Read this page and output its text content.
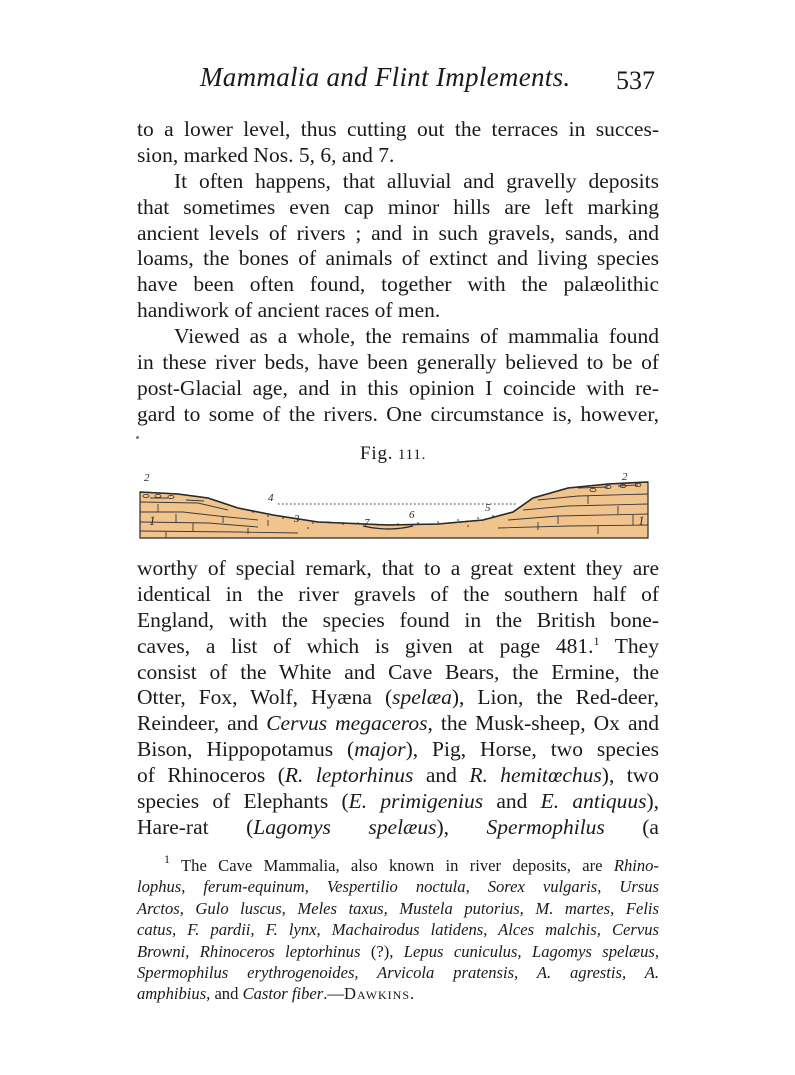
Mammalia and Flint Implements. 537
to a lower level, thus cutting out the terraces in succes-
sion, marked Nos. 5, 6, and 7.
It often happens, that alluvial and gravelly deposits
that sometimes even cap minor hills are left marking
ancient levels of rivers ; and in such gravels, sands, and
loams, the bones of animals of extinct and living species
have been often found, together with the palæolithic
handiwork of ancient races of men.
Viewed as a whole, the remains of mammalia found
in these river beds, have been generally believed to be of
post-Glacial age, and in this opinion I coincide with re-
gard to some of the rivers. One circumstance is, however,
Fig. 111.
2	2
1	1
4
3	7
6
5
worthy of special remark, that to a great extent they are
identical in the river gravels of the southern half of
England, with the species found in the British bone-
caves, a list of which is given at page 481.$^1$ They
consist of the White and Cave Bears, the Ermine, the
Otter, Fox, Wolf, Hyæna (spelæa), Lion, the Red-deer,
Reindeer, and Cervus megaceros, the Musk-sheep, Ox and
Bison, Hippopotamus (major), Pig, Horse, two species
of Rhinoceros (R. leptorhinus and R. hemitœchus), two
species of Elephants (E. primigenius and E. antiquus),
Hare-rat (Lagomys spelæus), Spermophilus (a
$^1$ The Cave Mammalia, also known in river deposits, are Rhino-
lophus, ferum-equinum, Vespertilio noctula, Sorex vulgaris, Ursus
Arctos, Gulo luscus, Meles taxus, Mustela putorius, M. martes, Felis
catus, F. pardii, F. lynx, Machairodus latidens, Alces malchis, Cervus
Browni, Rhinoceros leptorhinus (?), Lepus cuniculus, Lagomys spelæus,
Spermophilus erythrogenoides, Arvicola pratensis, A. agrestis, A.
amphibius, and Castor fiber.—Dawkins.
